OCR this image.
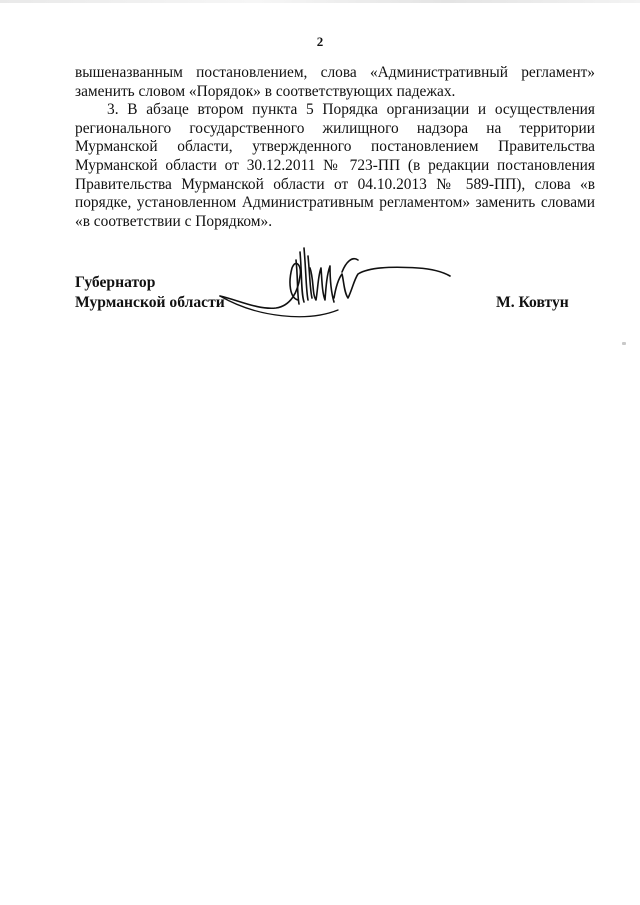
2

вышеназванным постановлением, слова «Административный регламент»
заменить словом «Порядок» в соответствующих падежах.

3. В абзаце втором пункта 5 Порядка организации и осуществления
регионального государственного жилищного надзора на территории
Мурманской области, утвержденного постановлением Правительства
Мурманской области от 30.12.2011 № 723-ПП (в редакции постановления
Правительства Мурманской области от 04.10.2013 № 589-ПП), слова «в
порядке, установленном Административным регламентом» заменить словами
«в соответствии с Порядком».

Губернатор
Мурманской области	М. Ковтун
